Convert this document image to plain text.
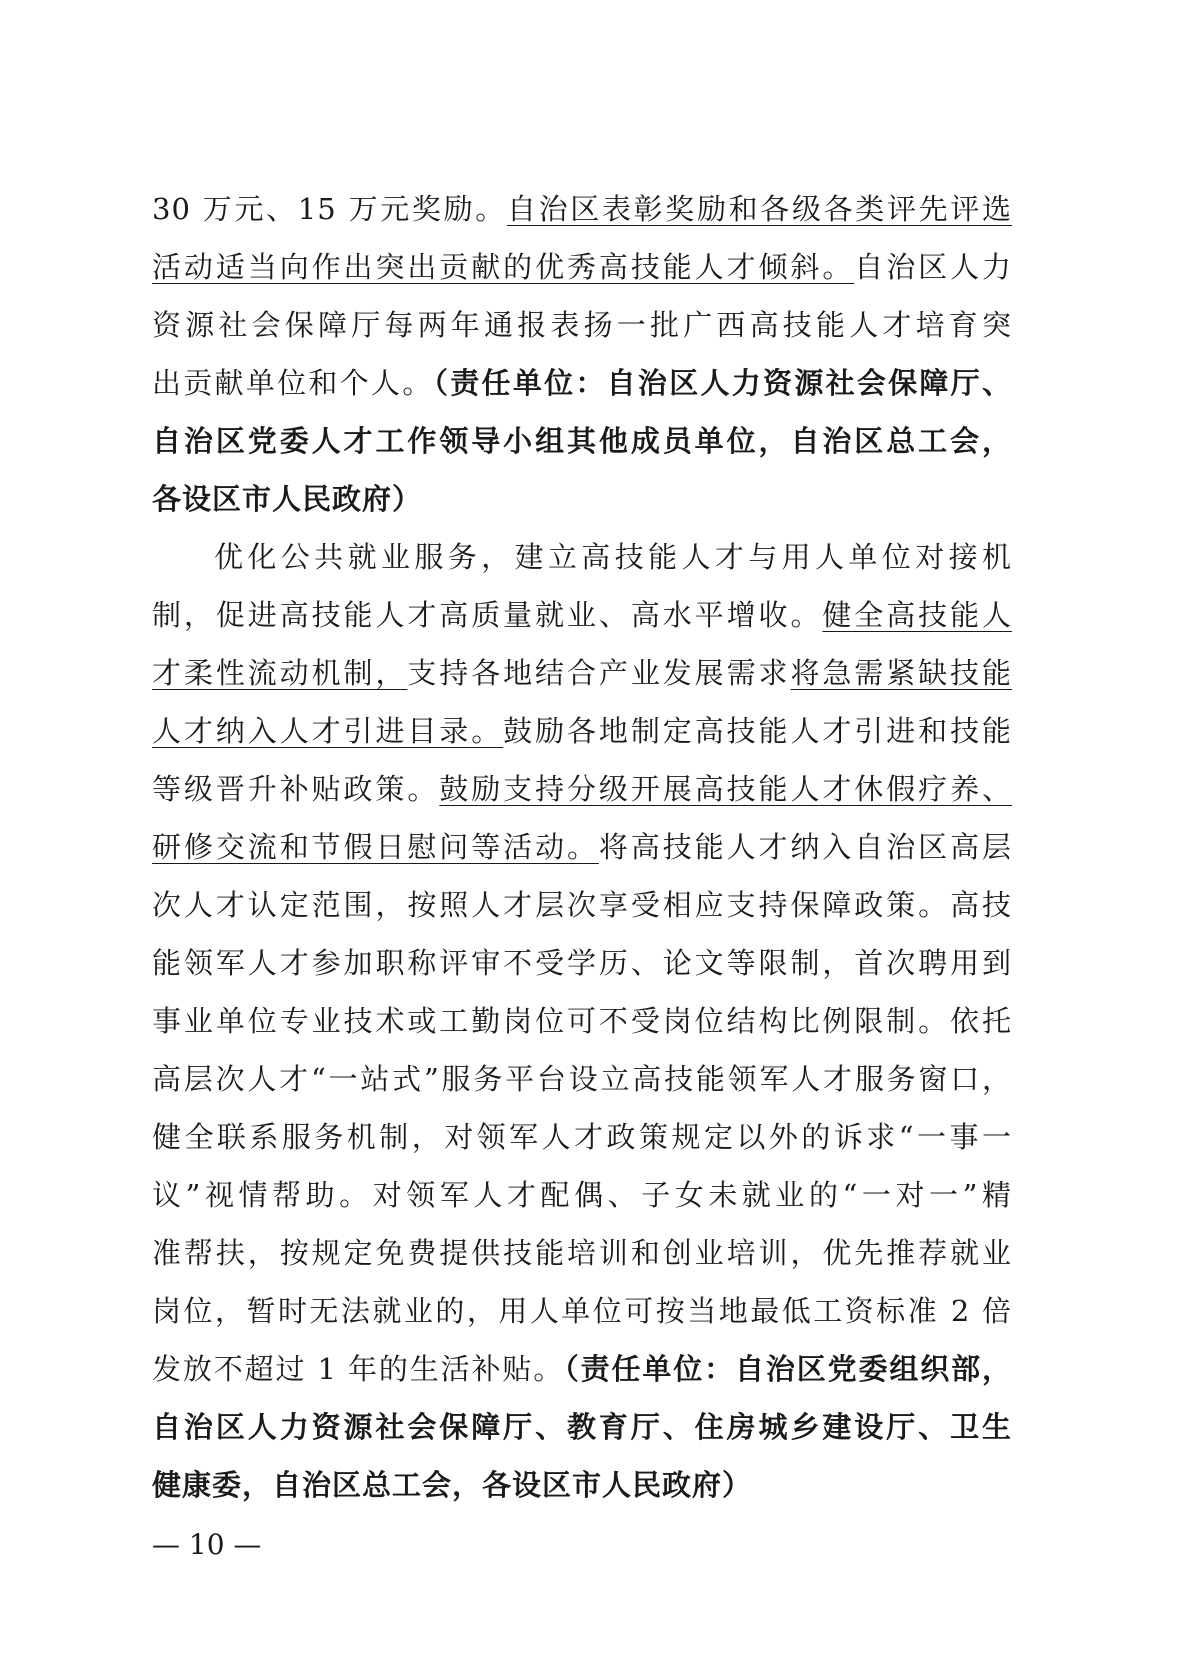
30 万元、15 万元奖励。自治区表彰奖励和各级各类评先评选
活动适当向作出突出贡献的优秀高技能人才倾斜。自治区人力
资源社会保障厅每两年通报表扬一批广西高技能人才培育突
出贡献单位和个人。（责任单位：自治区人力资源社会保障厅、
自治区党委人才工作领导小组其他成员单位，自治区总工会，
各设区市人民政府）
优化公共就业服务，建立高技能人才与用人单位对接机
制，促进高技能人才高质量就业、高水平增收。健全高技能人
才柔性流动机制，支持各地结合产业发展需求将急需紧缺技能
人才纳入人才引进目录。鼓励各地制定高技能人才引进和技能
等级晋升补贴政策。鼓励支持分级开展高技能人才休假疗养、
研修交流和节假日慰问等活动。将高技能人才纳入自治区高层
次人才认定范围，按照人才层次享受相应支持保障政策。高技
能领军人才参加职称评审不受学历、论文等限制，首次聘用到
事业单位专业技术或工勤岗位可不受岗位结构比例限制。依托
高层次人才“一站式”服务平台设立高技能领军人才服务窗口，
健全联系服务机制，对领军人才政策规定以外的诉求“一事一
议”视情帮助。对领军人才配偶、子女未就业的“一对一”精
准帮扶，按规定免费提供技能培训和创业培训，优先推荐就业
岗位，暂时无法就业的，用人单位可按当地最低工资标准 2 倍
发放不超过 1 年的生活补贴。（责任单位：自治区党委组织部，
自治区人力资源社会保障厅、教育厅、住房城乡建设厅、卫生
健康委，自治区总工会，各设区市人民政府）
— 10 —
